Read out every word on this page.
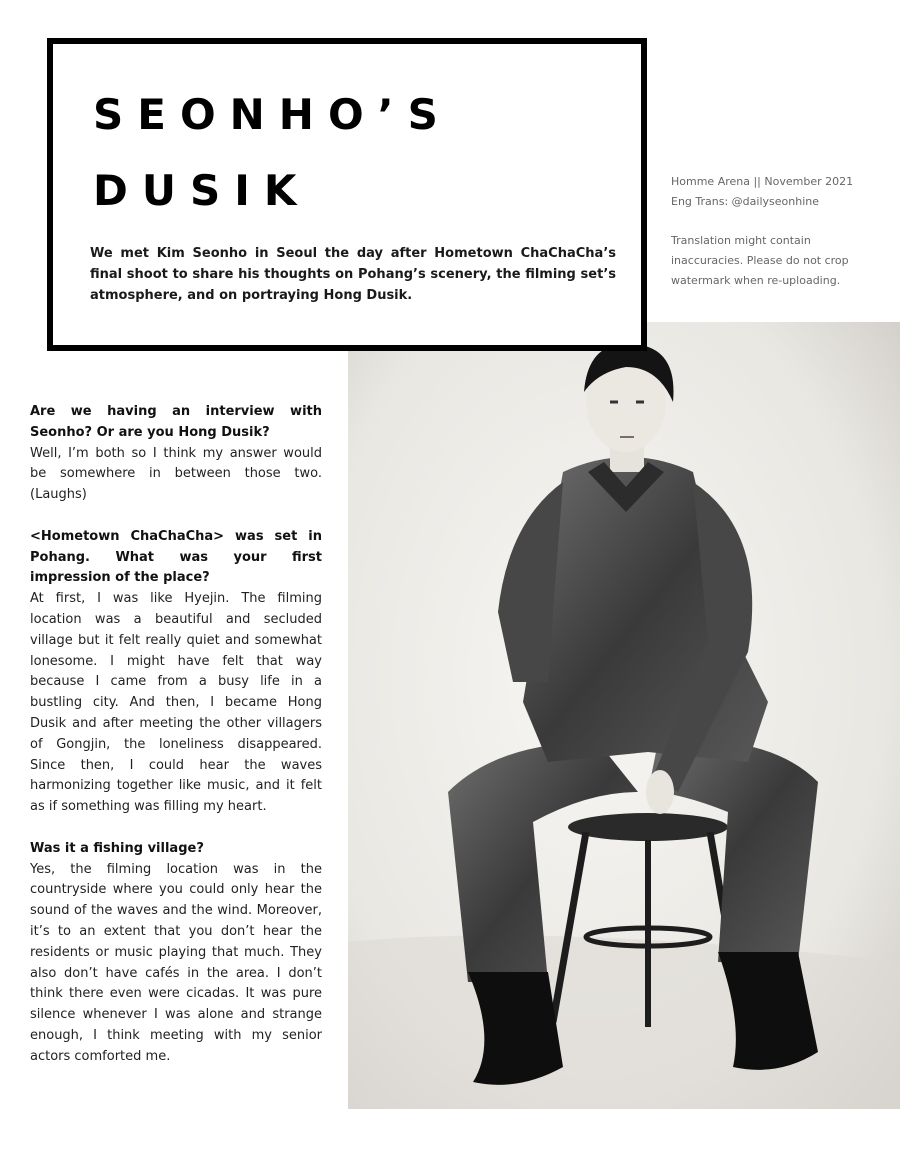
SEONHO’S
DUSIK

We met Kim Seonho in Seoul the day after Hometown ChaChaCha’s final shoot to share his thoughts on Pohang’s scenery, the filming set’s atmosphere, and on portraying Hong Dusik.

Homme Arena || November 2021

Eng Trans: @dailyseonhine

Translation might contain

inaccuracies. Please do not crop

watermark when re-uploading.

Are we having an interview with Seonho? Or are you Hong Dusik?

Well, I’m both so I think my answer would be somewhere in between those two. (Laughs)

<Hometown ChaChaCha> was set in Pohang. What was your first impression of the place?

At first, I was like Hyejin. The filming location was a beautiful and secluded village but it felt really quiet and somewhat lonesome. I might have felt that way because I came from a busy life in a bustling city. And then, I became Hong Dusik and after meeting the other villagers of Gongjin, the loneliness disappeared. Since then, I could hear the waves harmonizing together like music, and it felt as if something was filling my heart.

Was it a fishing village?

Yes, the filming location was in the countryside where you could only hear the sound of the waves and the wind. Moreover, it’s to an extent that you don’t hear the residents or music playing that much. They also don’t have cafés in the area. I don’t think there even were cicadas. It was pure silence whenever I was alone and strange enough, I think meeting with my senior actors comforted me.
